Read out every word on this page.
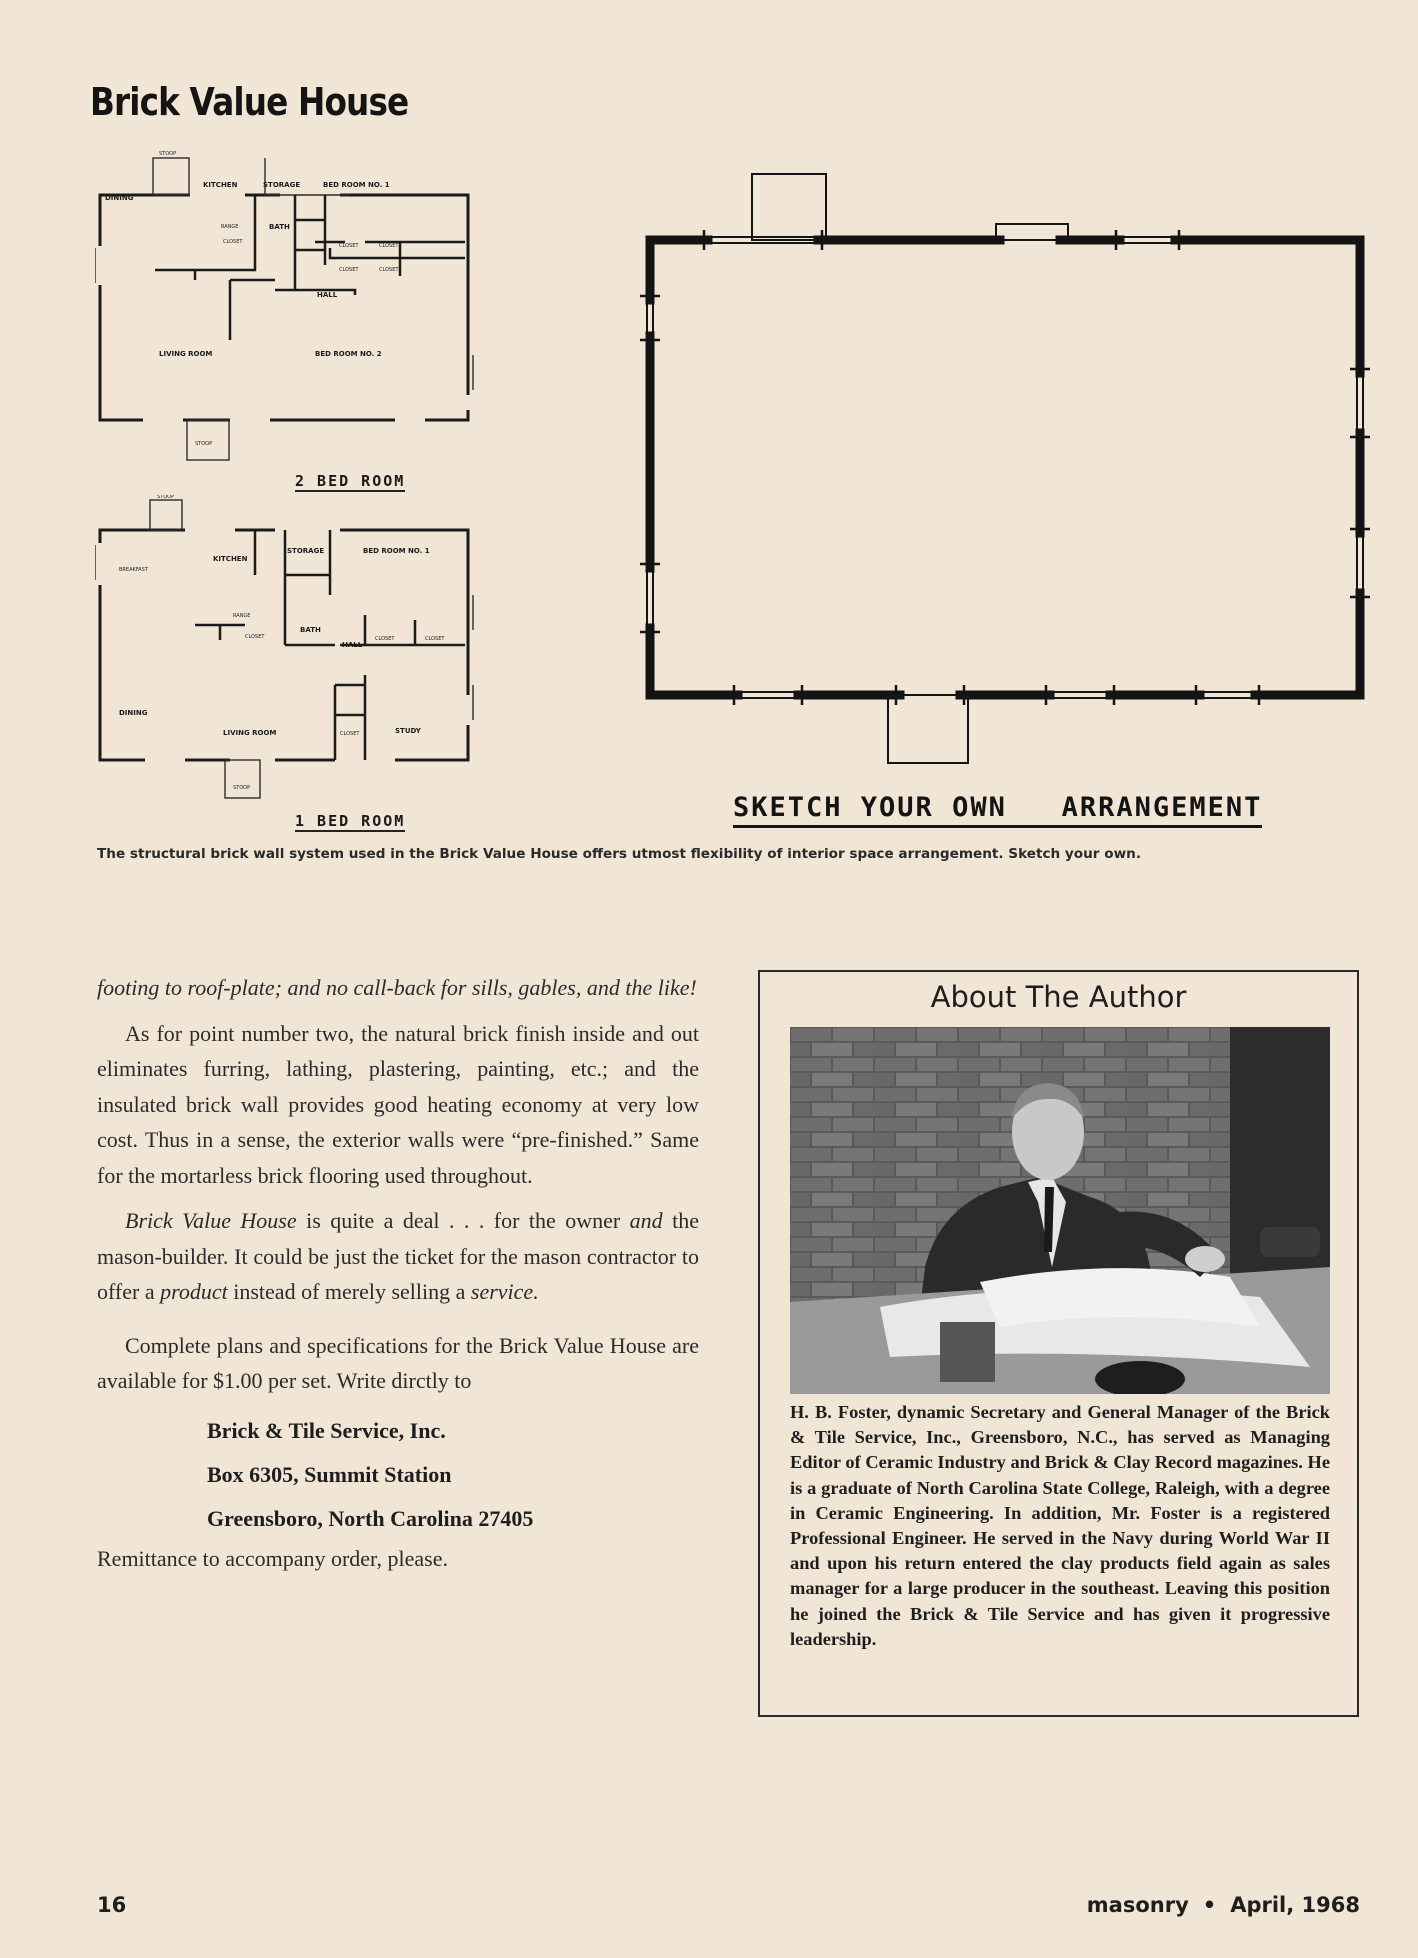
Brick Value House
STOOP
DINING
KITCHEN	STORAGE	BED ROOM NO. 1
BATH
RANGE
CLOSET
CLOSET	CLOSET
CLOSET	CLOSET
HALL
LIVING ROOM	BED ROOM NO. 2
STOOP
2 BED ROOM
STOOP
BREAKFAST
KITCHEN
STORAGE	BED ROOM NO. 1
RANGE
BATH
CLOSET	CLOSET	CLOSET
CLOSET
HALL
DINING
LIVING ROOM	STUDY
STOOP
1 BED ROOM	SKETCH YOUR OWN   ARRANGEMENT
The structural brick wall system used in the Brick Value House offers utmost flexibility of interior space arrangement. Sketch your own.

footing to roof-plate; and no call-back for sills, gables, and the like!

As for point number two, the natural brick finish inside and out eliminates furring, lathing, plastering, painting, etc.; and the insulated brick wall provides good heating economy at very low cost. Thus in a sense, the exterior walls were “pre-finished.” Same for the mortarless brick flooring used throughout.

Brick Value House is quite a deal . . . for the owner and the mason-builder. It could be just the ticket for the mason contractor to offer a product instead of merely selling a service.

Complete plans and specifications for the Brick Value House are available for $1.00 per set. Write dirctly to

Brick & Tile Service, Inc.

Box 6305, Summit Station

Greensboro, North Carolina 27405

Remittance to accompany order, please.

About The Author
H. B. Foster, dynamic Secretary and General Manager of the Brick & Tile Service, Inc., Greensboro, N.C., has served as Managing Editor of Ceramic Industry and Brick & Clay Record magazines. He is a graduate of North Carolina State College, Raleigh, with a degree in Ceramic Engineering. In addition, Mr. Foster is a registered Professional Engineer. He served in the Navy during World War II and upon his return entered the clay products field again as sales manager for a large producer in the southeast. Leaving this position he joined the Brick & Tile Service and has given it progressive leadership.
16	masonry • April, 1968
